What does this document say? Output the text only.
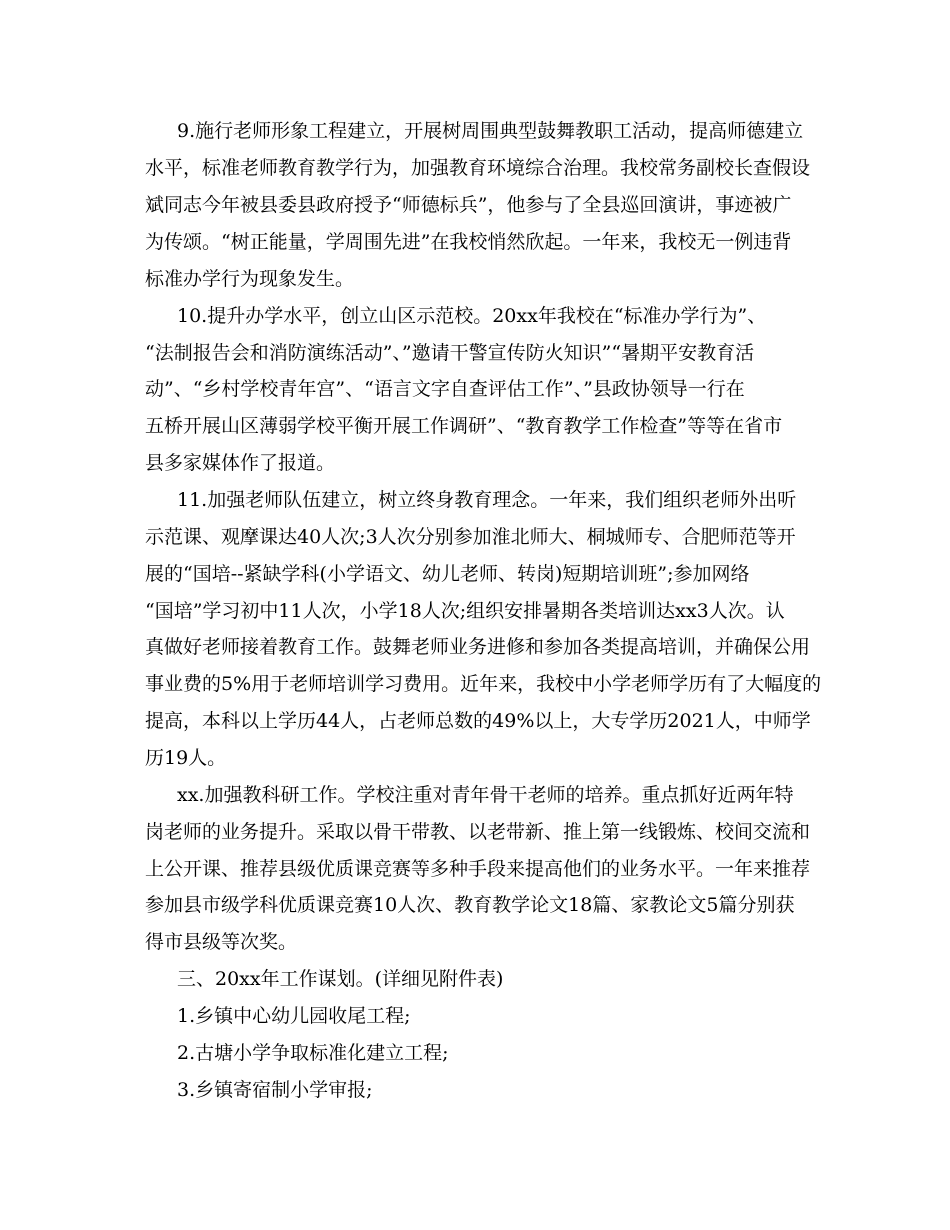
9.施行老师形象工程建立，开展树周围典型鼓舞教职工活动，提高师德建立
水平，标准老师教育教学行为，加强教育环境综合治理。我校常务副校长查假设
斌同志今年被县委县政府授予“师德标兵”，他参与了全县巡回演讲，事迹被广
为传颂。“树正能量，学周围先进”在我校悄然欣起。一年来，我校无一例违背
标准办学行为现象发生。
10.提升办学水平，创立山区示范校。20xx年我校在“标准办学行为”、
“法制报告会和消防演练活动”、”邀请干警宣传防火知识”“暑期平安教育活
动”、“乡村学校青年宫”、“语言文字自查评估工作”、”县政协领导一行在
五桥开展山区薄弱学校平衡开展工作调研”、“教育教学工作检查”等等在省市
县多家媒体作了报道。
11.加强老师队伍建立，树立终身教育理念。一年来，我们组织老师外出听
示范课、观摩课达40人次;3人次分别参加淮北师大、桐城师专、合肥师范等开
展的“国培--紧缺学科(小学语文、幼儿老师、转岗)短期培训班”;参加网络
“国培”学习初中11人次，小学18人次;组织安排暑期各类培训达xx3人次。认
真做好老师接着教育工作。鼓舞老师业务进修和参加各类提高培训，并确保公用
事业费的5%用于老师培训学习费用。近年来，我校中小学老师学历有了大幅度的
提高，本科以上学历44人，占老师总数的49%以上，大专学历2021人，中师学
历19人。
xx.加强教科研工作。学校注重对青年骨干老师的培养。重点抓好近两年特
岗老师的业务提升。采取以骨干带教、以老带新、推上第一线锻炼、校间交流和
上公开课、推荐县级优质课竞赛等多种手段来提高他们的业务水平。一年来推荐
参加县市级学科优质课竞赛10人次、教育教学论文18篇、家教论文5篇分别获
得市县级等次奖。
三、20xx年工作谋划。(详细见附件表)
1.乡镇中心幼儿园收尾工程;
2.古塘小学争取标准化建立工程;
3.乡镇寄宿制小学审报;
